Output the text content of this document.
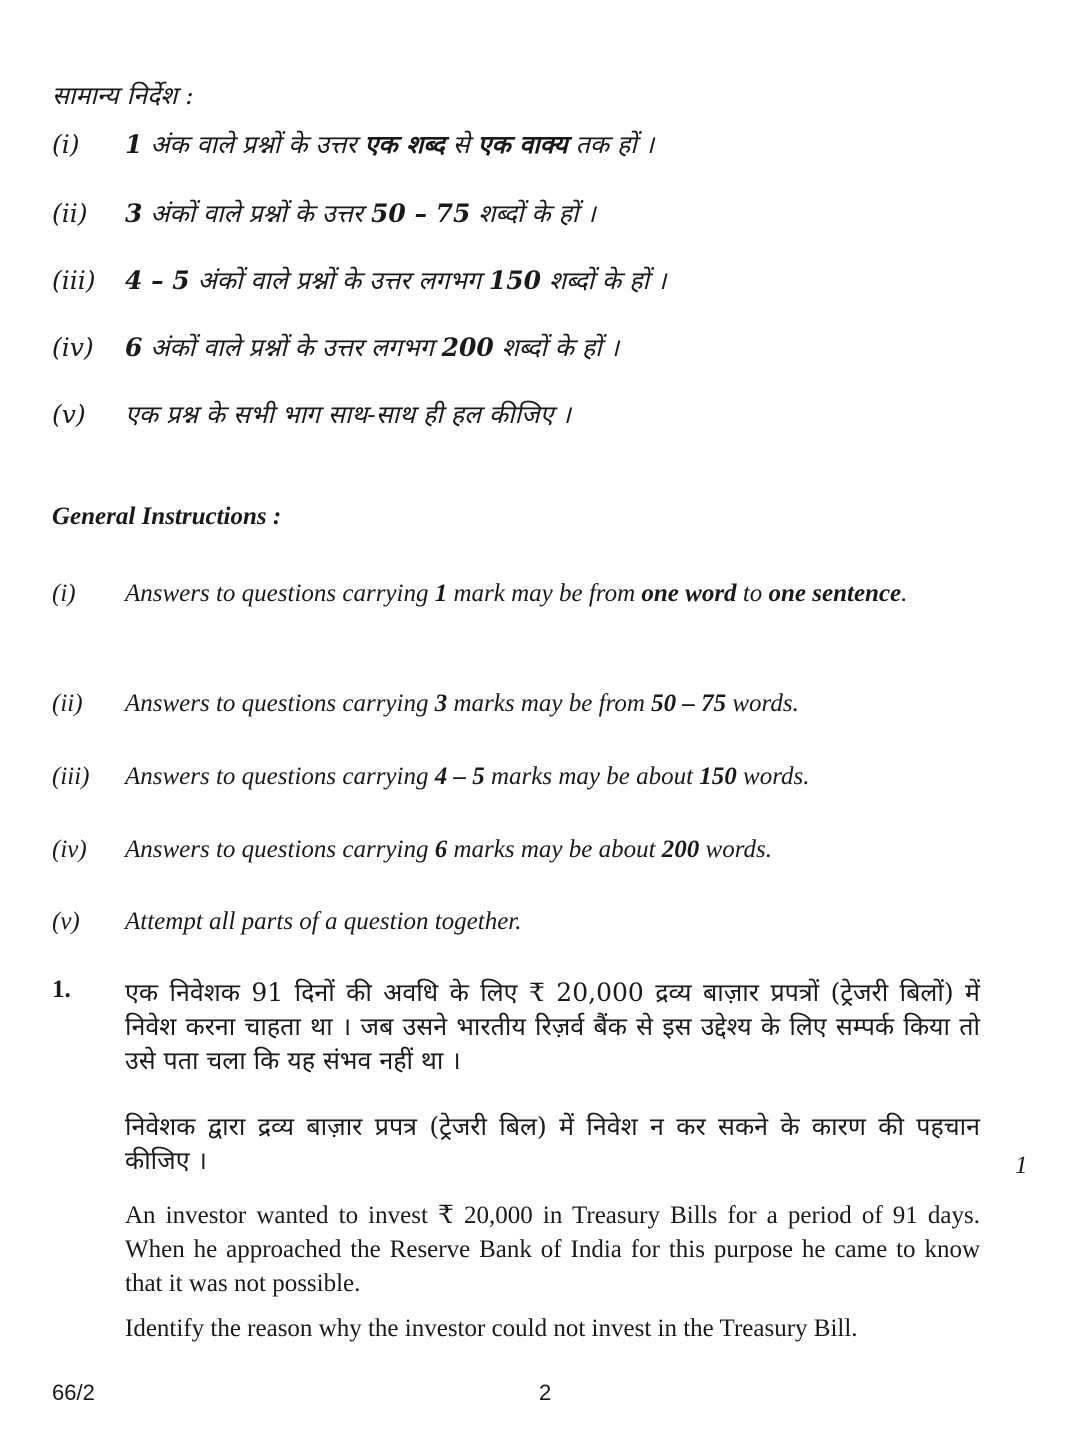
सामान्य निर्देश :
(i)	1 अंक वाले प्रश्नों के उत्तर एक शब्द से एक वाक्य तक हों ।
(ii)	3 अंकों वाले प्रश्नों के उत्तर 50 – 75 शब्दों के हों ।
(iii)	4 – 5 अंकों वाले प्रश्नों के उत्तर लगभग 150 शब्दों के हों ।
(iv)	6 अंकों वाले प्रश्नों के उत्तर लगभग 200 शब्दों के हों ।
(v)	एक प्रश्न के सभी भाग साथ-साथ ही हल कीजिए ।
General Instructions :
(i)	Answers to questions carrying 1 mark may be from one word to one sentence.
(ii)	Answers to questions carrying 3 marks may be from 50 – 75 words.
(iii)	Answers to questions carrying 4 – 5 marks may be about 150 words.
(iv)	Answers to questions carrying 6 marks may be about 200 words.
(v)	Attempt all parts of a question together.
1. एक निवेशक 91 दिनों की अवधि के लिए ₹ 20,000 द्रव्य बाज़ार प्रपत्रों (ट्रेजरी बिलों) में निवेश करना चाहता था । जब उसने भारतीय रिज़र्व बैंक से इस उद्देश्य के लिए सम्पर्क किया तो उसे पता चला कि यह संभव नहीं था ।
निवेशक द्वारा द्रव्य बाज़ार प्रपत्र (ट्रेजरी बिल) में निवेश न कर सकने के कारण की पहचान कीजिए ।	1
An investor wanted to invest ₹ 20,000 in Treasury Bills for a period of 91 days. When he approached the Reserve Bank of India for this purpose he came to know that it was not possible.
Identify the reason why the investor could not invest in the Treasury Bill.
66/2	2
